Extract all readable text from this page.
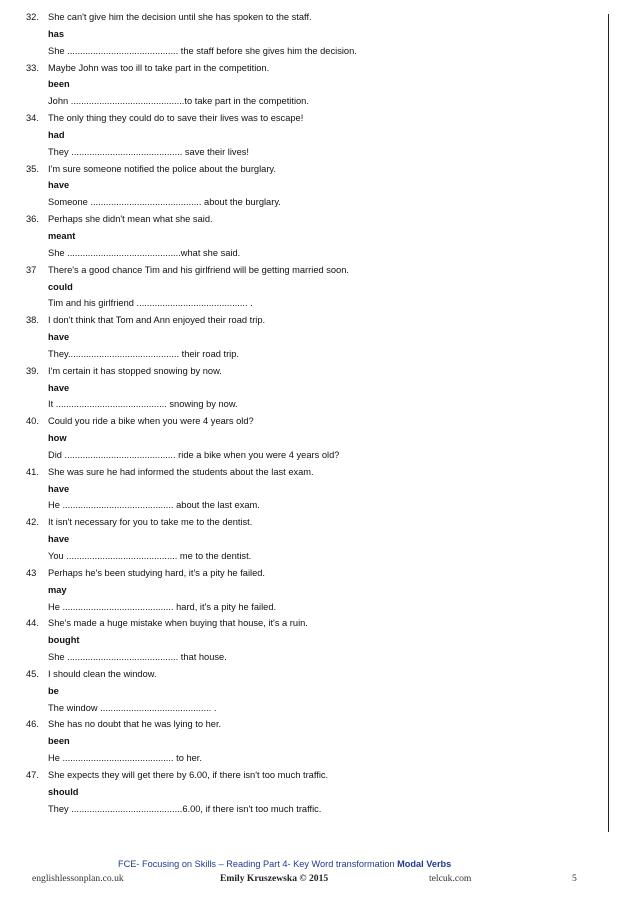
32. She can't give him the decision until she has spoken to the staff.
has
She ........................................... the staff before she gives him the decision.
33. Maybe John was too ill to take part in the competition.
been
John ............................................to take part in the competition.
34. The only thing they could do to save their lives was to escape!
had
They ........................................... save their lives!
35. I'm sure someone notified the police about the burglary.
have
Someone ........................................... about the burglary.
36. Perhaps she didn't mean what she said.
meant
She ............................................what she said.
37 There's a good chance Tim and his girlfriend will be getting married soon.
could
Tim and his girlfriend ........................................... .
38. I don't think that Tom and Ann enjoyed their road trip.
have
They........................................... their road trip.
39. I'm certain it has stopped snowing by now.
have
It ........................................... snowing by now.
40. Could you ride a bike when you were 4 years old?
how
Did ........................................... ride a bike when you were 4 years old?
41. She was sure he had informed the students about the last exam.
have
He ........................................... about the last exam.
42. It isn't necessary for you to take me to the dentist.
have
You ........................................... me to the dentist.
43 Perhaps he's been studying hard, it's a pity he failed.
may
He ........................................... hard, it's a pity he failed.
44. She's made a huge mistake when buying that house, it's a ruin.
bought
She ........................................... that house.
45. I should clean the window.
be
The window ........................................... .
46. She has no doubt that he was lying to her.
been
He ........................................... to her.
47. She expects they will get there by 6.00, if there isn't too much traffic.
should
They ...........................................6.00, if there isn't too much traffic.
FCE- Focusing on Skills – Reading Part 4- Key Word transformation Modal Verbs
englishlessonplan.co.uk	Emily Kruszewska © 2015	telcuk.com	5
